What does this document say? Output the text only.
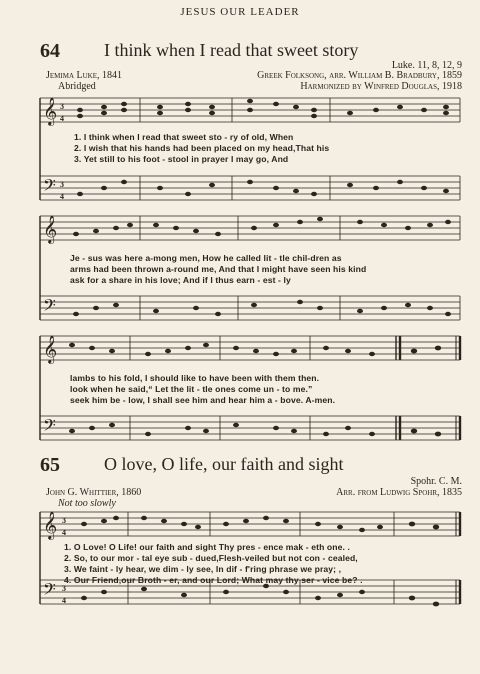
JESUS OUR LEADER
64 I think when I read that sweet story
Luke. 11, 8, 12, 9
Jemima Luke, 1841	Greek Folksong, arr. William B. Bradbury, 1859
Abridged	Harmonized by Winfred Douglas, 1918
𝄞
𝄢
3
4
3
4
1. I think when I read that sweet sto - ry of old, When
2. I wish that his hands had been placed on my head,That his
3. Yet still to his foot - stool in prayer I may go, And
𝄞
𝄢
Je - sus was here a-mong men, How he called lit - tle chil-dren as
arms had been thrown a-round me, And that I might have seen his kind
ask for a share in his love; And if I thus earn - est - ly
𝄞
𝄢
lambs to his fold, I should like to have been with them then.
look when he said,“ Let the lit - tle ones come un - to me.”
seek him be - low, I shall see him and hear him a - bove. A-men.
65 O love, O life, our faith and sight
Spohr. C. M.
John G. Whittier, 1860	Arr. from Ludwig Spohr, 1835
Not too slowly
𝄞
𝄢
3
4
3
4
1. O Love! O Life! our faith and sight Thy pres - ence mak - eth one. .
2. So, to our mor - tal eye sub - dued,Flesh-veiled but not con - cealed,
3. We faint - ly hear, we dim - ly see, In dif - f'ring phrase we pray; ,
4. Our Friend,our Broth - er, and our Lord; What may thy ser - vice be? .
